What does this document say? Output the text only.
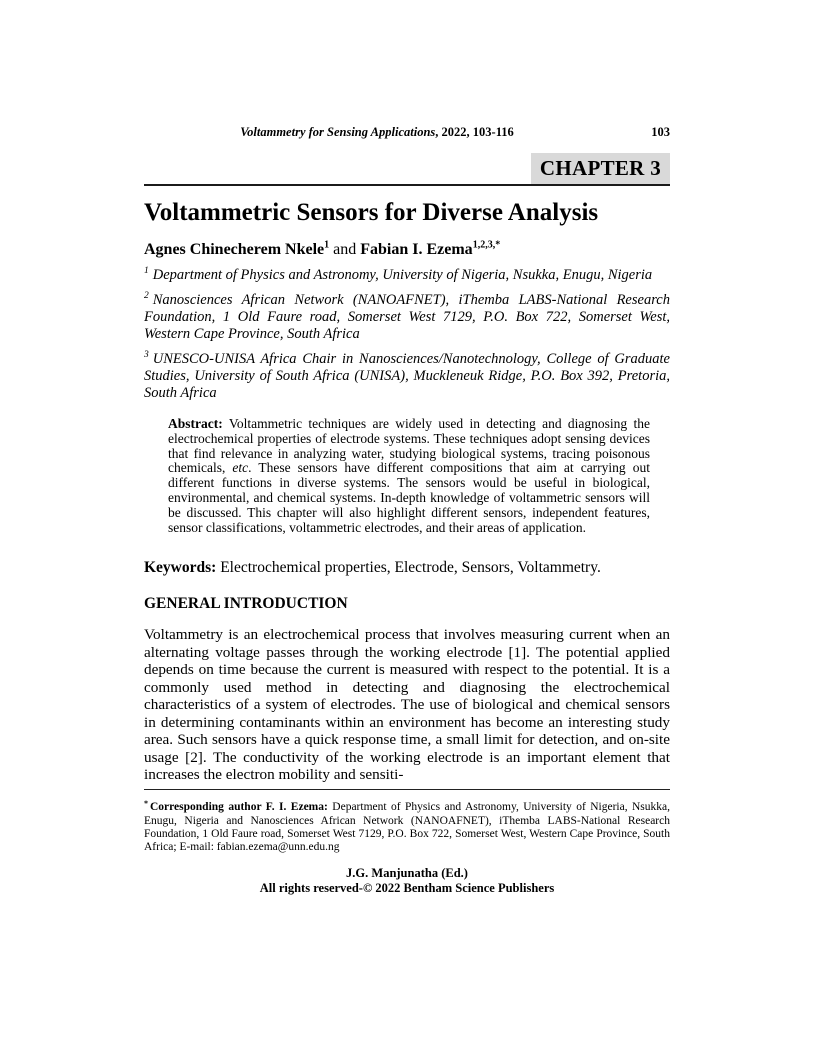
Voltammetry for Sensing Applications, 2022, 103-116	103
CHAPTER 3
Voltammetric Sensors for Diverse Analysis
Agnes Chinecherem Nkele$^1$ and Fabian I. Ezema$^{1,2,3,*}$

$^1$ Department of Physics and Astronomy, University of Nigeria, Nsukka, Enugu, Nigeria

$^2$ Nanosciences African Network (NANOAFNET), iThemba LABS-National Research Foundation, 1 Old Faure road, Somerset West 7129, P.O. Box 722, Somerset West, Western Cape Province, South Africa

$^3$ UNESCO-UNISA Africa Chair in Nanosciences/Nanotechnology, College of Graduate Studies, University of South Africa (UNISA), Muckleneuk Ridge, P.O. Box 392, Pretoria, South Africa

Abstract: Voltammetric techniques are widely used in detecting and diagnosing the electrochemical properties of electrode systems. These techniques adopt sensing devices that find relevance in analyzing water, studying biological systems, tracing poisonous chemicals, etc. These sensors have different compositions that aim at carrying out different functions in diverse systems. The sensors would be useful in biological, environmental, and chemical systems. In-depth knowledge of voltammetric sensors will be discussed. This chapter will also highlight different sensors, independent features, sensor classifications, voltammetric electrodes, and their areas of application.

Keywords: Electrochemical properties, Electrode, Sensors, Voltammetry.

GENERAL INTRODUCTION

Voltammetry is an electrochemical process that involves measuring current when an alternating voltage passes through the working electrode [1]. The potential applied depends on time because the current is measured with respect to the potential. It is a commonly used method in detecting and diagnosing the electrochemical characteristics of a system of electrodes. The use of biological and chemical sensors in determining contaminants within an environment has become an interesting study area. Such sensors have a quick response time, a small limit for detection, and on-site usage [2]. The conductivity of the working electrode is an important element that increases the electron mobility and sensiti-

* Corresponding author F. I. Ezema: Department of Physics and Astronomy, University of Nigeria, Nsukka, Enugu, Nigeria and Nanosciences African Network (NANOAFNET), iThemba LABS-National Research Foundation, 1 Old Faure road, Somerset West 7129, P.O. Box 722, Somerset West, Western Cape Province, South Africa; E-mail: fabian.ezema@unn.edu.ng

J.G. Manjunatha (Ed.)
All rights reserved-© 2022 Bentham Science Publishers
